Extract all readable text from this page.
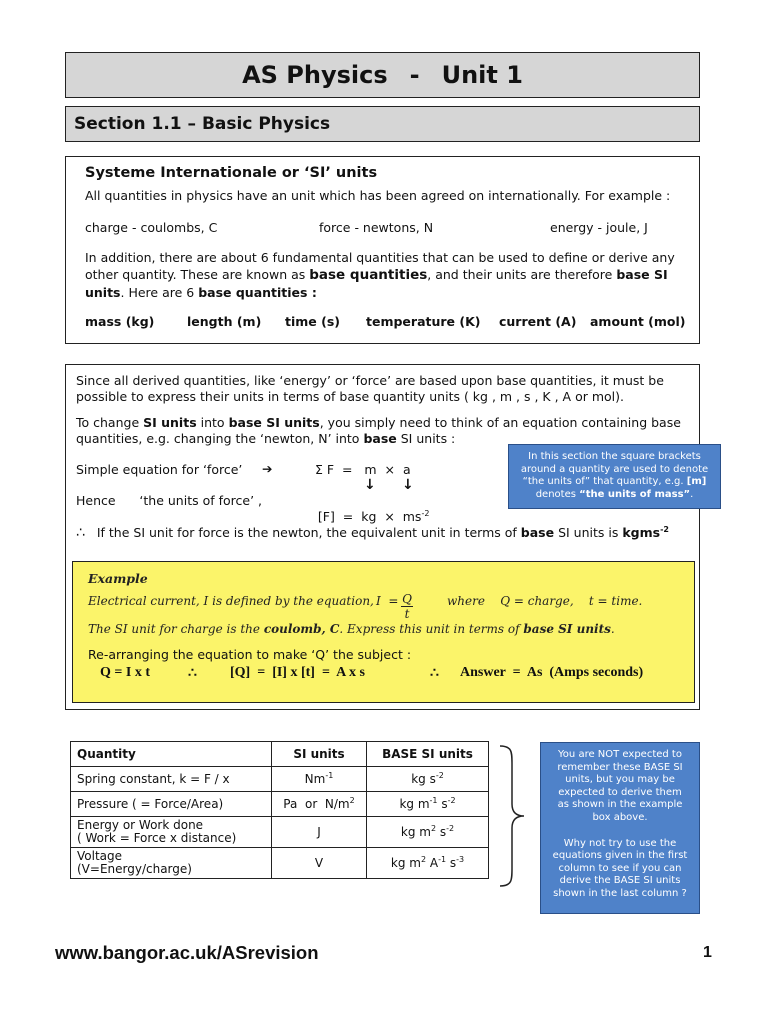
AS Physics - Unit 1
Section 1.1 – Basic Physics
Systeme Internationale or ‘SI’ units
All quantities in physics have an unit which has been agreed on internationally. For example :
charge - coulombs, C	force - newtons, N	energy - joule, J
In addition, there are about 6 fundamental quantities that can be used to define or derive any other quantity. These are known as base quantities, and their units are therefore base SI units. Here are 6 base quantities :
mass (kg)	length (m) time (s) temperature (K) current (A) amount (mol)
Since all derived quantities, like ‘energy’ or ‘force’ are based upon base quantities, it must be possible to express their units in terms of base quantity units ( kg , m , s , K , A or mol).
To change SI units into base SI units, you simply need to think of an equation containing base quantities, e.g. changing the ‘newton, N’ into base SI units :
Simple equation for ‘force’ ➔	Σ F  =   m  ×  a
↓ ↓
Hence      ‘the units of force’ ,

[F]  =  kg  ×  $ms^{-2}$

∴ If the SI unit for force is the newton, the equivalent unit in terms of base SI units is kgms$^{-2}$
In this section the square brackets around a quantity are used to denote “the units of” that quantity, e.g. [m] denotes “the units of mass”.
Example
Electrical current, I is defined by the equation, $I = \frac{Q}{t}$	where    Q = charge,    t = time.
The SI unit for charge is the coulomb, C. Express this unit in terms of base SI units.
Re-arranging the equation to make ‘Q’ the subject :
Q = I x t	∴ [Q]  =  [I] x [t]  =  A x s	∴ Answer  =  As  (Amps seconds)
Quantity	SI units	BASE SI units
Spring constant, k = F / x	$Nm^{-1}$	kg $s^{-2}$
Pressure ( = Force/Area)	Pa  or  $N/m^2$	kg $m^{-1}$ $s^{-2}$

Energy or Work done
( Work = Force x distance)	J	kg $m^2$ $s^{-2}$

Voltage
(V=Energy/charge)	V	kg $m^2$ $A^{-1}$ $s^{-3}$
You are NOT expected to remember these BASE SI units, but you may be expected to derive them as shown in the example box above.
Why not try to use the equations given in the first column to see if you can derive the BASE SI units shown in the last column ?
www.bangor.ac.uk/ASrevision	1
